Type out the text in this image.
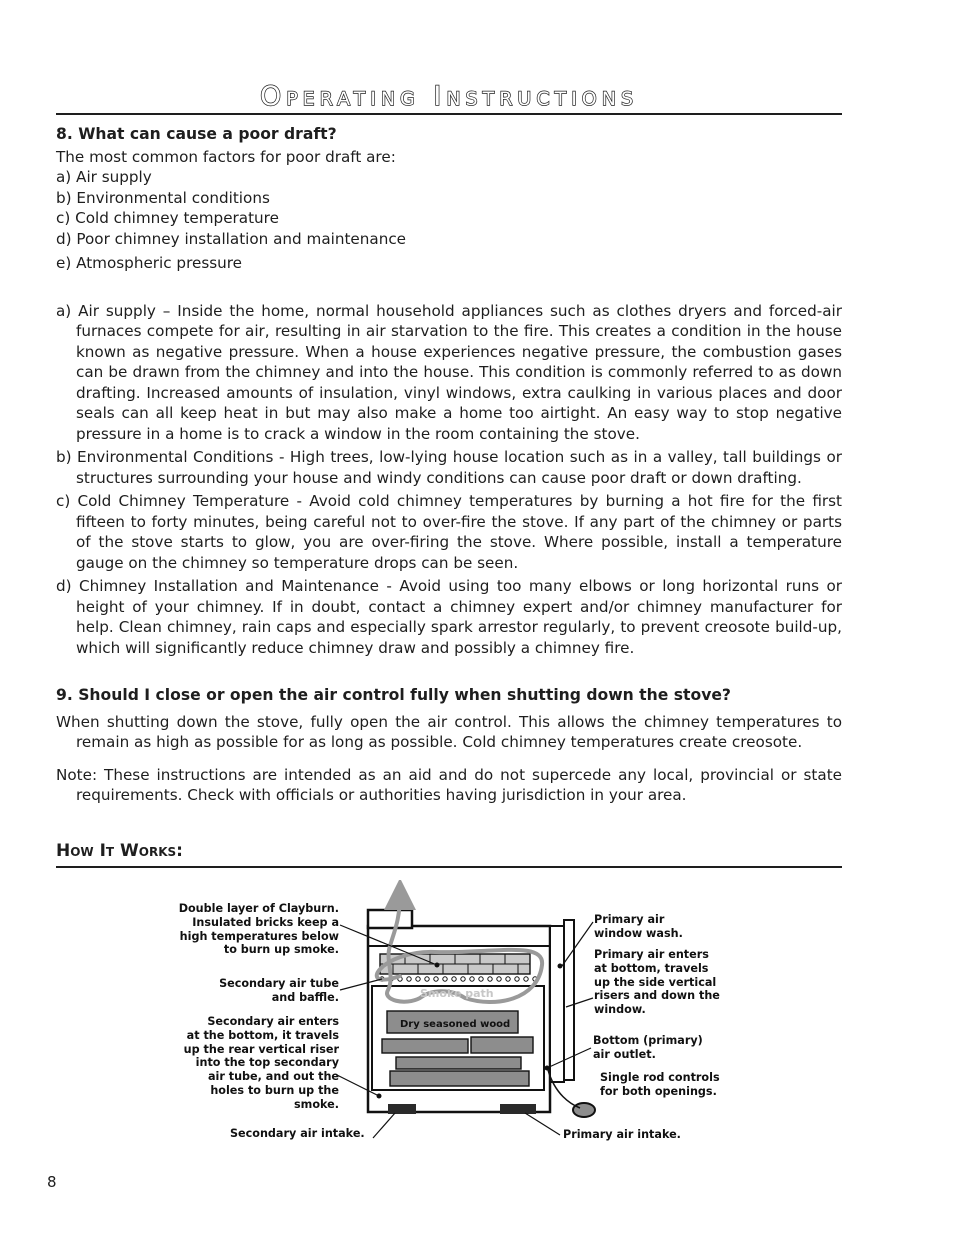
Operating Instructions

8. What can cause a poor draft?

The most common factors for poor draft are:

a) Air supply

b) Environmental conditions

c) Cold chimney temperature

d) Poor chimney installation and maintenance

e) Atmospheric pressure

a) Air supply – Inside the home, normal household appliances such as clothes dryers and forced-air furnaces compete for air, resulting in air starvation to the fire. This creates a condition in the house known as negative pressure. When a house experiences negative pressure, the combustion gases can be drawn from the chimney and into the house. This condition is commonly referred to as down drafting. Increased amounts of insulation, vinyl windows, extra caulking in various places and door seals can all keep heat in but may also make a home too airtight. An easy way to stop negative pressure in a home is to crack a window in the room containing the stove.

b) Environmental Conditions - High trees, low-lying house location such as in a valley, tall buildings or structures surrounding your house and windy conditions can cause poor draft or down drafting.

c) Cold Chimney Temperature - Avoid cold chimney temperatures by burning a hot fire for the first fifteen to forty minutes, being careful not to over-fire the stove. If any part of the chimney or parts of the stove starts to glow, you are over-firing the stove. Where possible, install a temperature gauge on the chimney so temperature drops can be seen.

d) Chimney Installation and Maintenance - Avoid using too many elbows or long horizontal runs or height of your chimney. If in doubt, contact a chimney expert and/or chimney manufacturer for help. Clean chimney, rain caps and especially spark arrestor regularly, to prevent creosote build-up, which will significantly reduce chimney draw and possibly a chimney fire.

9. Should I close or open the air control fully when shutting down the stove?

When shutting down the stove, fully open the air control. This allows the chimney temperatures to remain as high as possible for as long as possible. Cold chimney temperatures create creosote.

Note: These instructions are intended as an aid and do not supercede any local, provincial or state requirements. Check with officials or authorities having jurisdiction in your area.

How It Works:

Double layer of Clayburn.
Insulated bricks keep a
high temperatures below
to burn up smoke.

Secondary air tube
and baffle.

Secondary air enters
at the bottom, it travels
up the rear vertical riser
into the top secondary
air tube, and out the
holes to burn up the
smoke.

Secondary air intake.

Primary air
window wash.

Primary air enters
at bottom, travels
up the side vertical
risers and down the
window.

Bottom (primary)
air outlet.

Single rod controls
for both openings.

Primary air intake.

Smoke path
Dry seasoned wood
8
